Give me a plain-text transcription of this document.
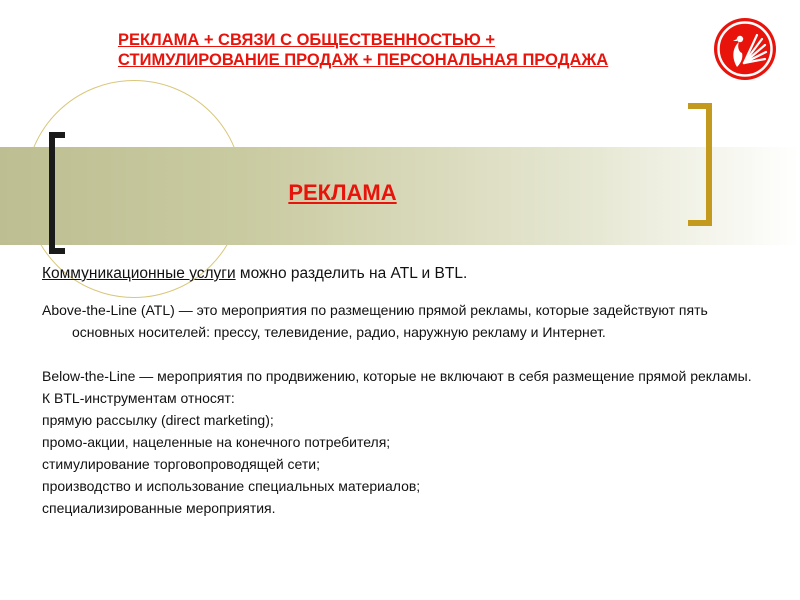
РЕКЛАМА + СВЯЗИ С ОБЩЕСТВЕННОСТЬЮ + СТИМУЛИРОВАНИЕ ПРОДАЖ + ПЕРСОНАЛЬНАЯ ПРОДАЖА
РЕКЛАМА

Коммуникационные услуги можно разделить на ATL и BTL.

Above-the-Line (ATL) — это мероприятия по размещению прямой рекламы, которые задействуют пять основных носителей: прессу, телевидение, радио, наружную рекламу и Интернет.

Below-the-Line — мероприятия по продвижению, которые не включают в себя размещение прямой рекламы.

К BTL-инструментам относят:

прямую рассылку (direct marketing);

промо-акции, нацеленные на конечного потребителя;

стимулирование торговопроводящей сети;

производство и использование специальных материалов;

специализированные мероприятия.
